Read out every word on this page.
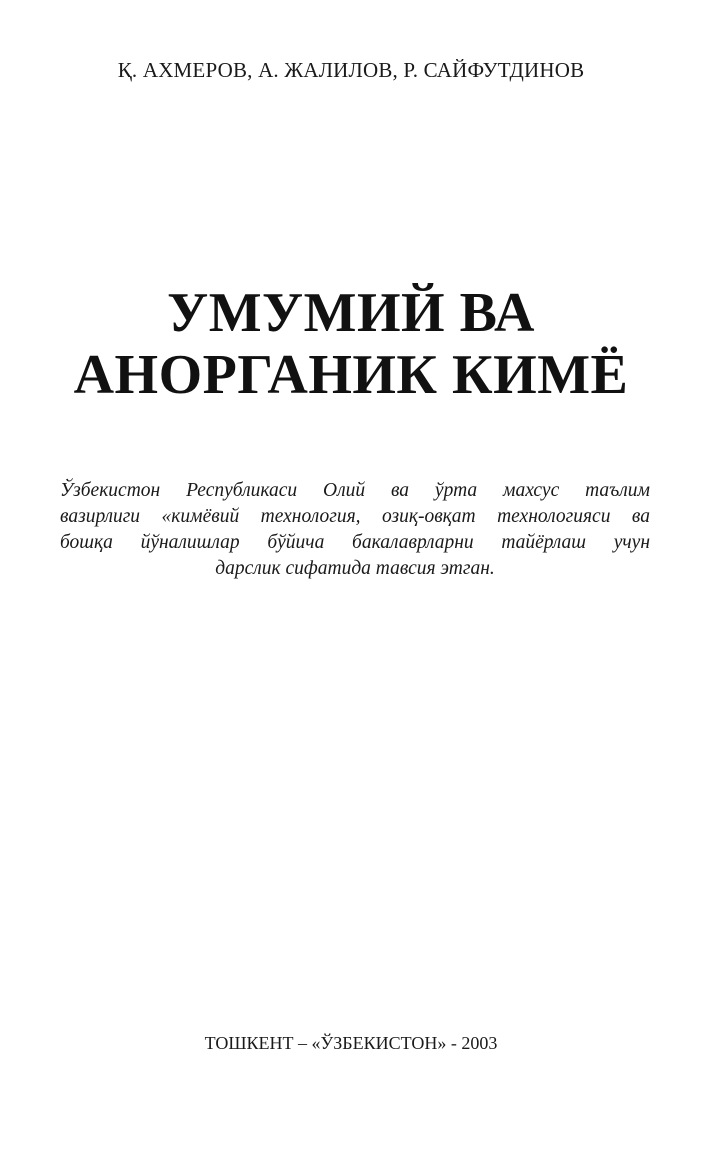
Қ. АХМЕРОВ, А. ЖАЛИЛОВ, Р. САЙФУТДИНОВ
УМУМИЙ ВА
АНОРГАНИК КИМЁ
Ўзбекистон Республикаси Олий ва ўрта махсус таълим
вазирлиги «кимёвий технология, озиқ-овқат технологияси ва
бошқа йўналишлар бўйича бакалаврларни тайёрлаш учун
дарслик сифатида тавсия этган.
ТОШКЕНТ – «ЎЗБЕКИСТОН» - 2003
